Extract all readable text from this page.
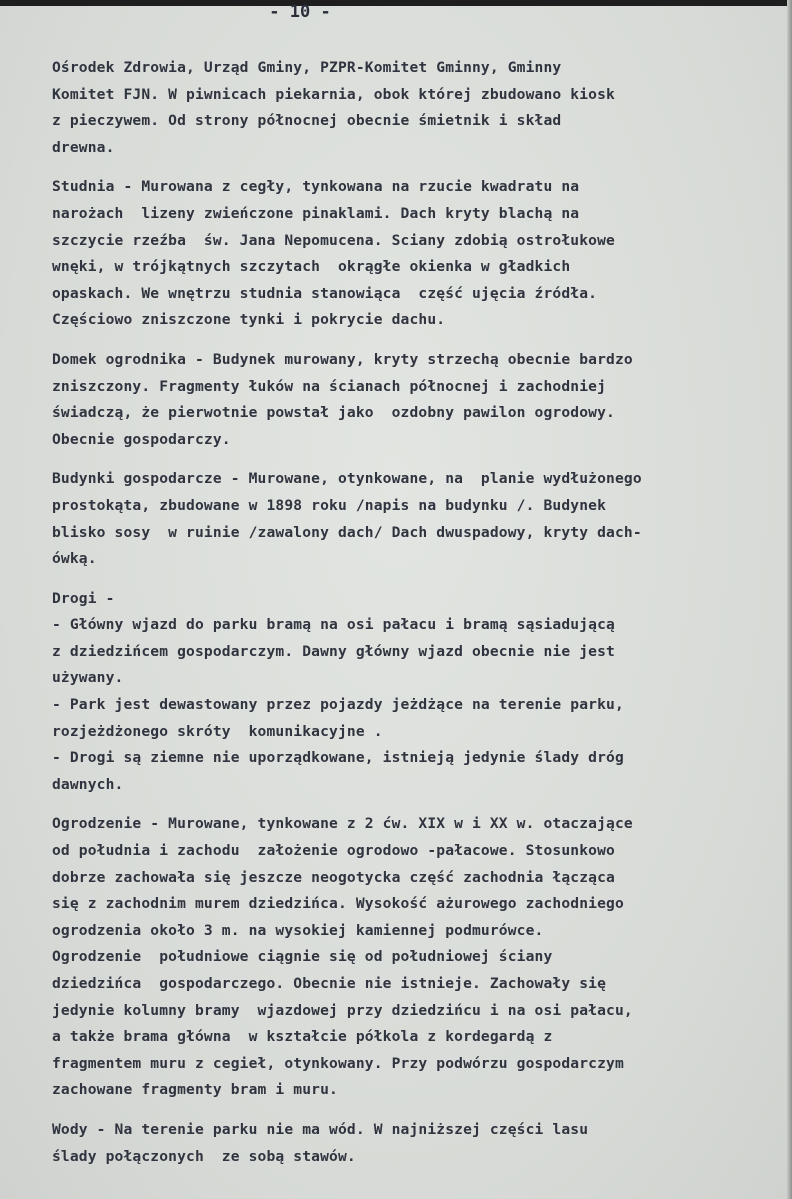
- 10 -
Ośrodek Zdrowia, Urząd Gminy, PZPR-Komitet Gminny, Gminny
Komitet FJN. W piwnicach piekarnia, obok której zbudowano kiosk
z pieczywem. Od strony północnej obecnie śmietnik i skład
drewna.
Studnia - Murowana z cegły, tynkowana na rzucie kwadratu na
narożach  lizeny zwieńczone pinaklami. Dach kryty blachą na
szczycie rzeźba  św. Jana Nepomucena. Sciany zdobią ostrołukowe
wnęki, w trójkątnych szczytach  okrągłe okienka w gładkich
opaskach. We wnętrzu studnia stanowiąca  część ujęcia źródła.
Częściowo zniszczone tynki i pokrycie dachu.
Domek ogrodnika - Budynek murowany, kryty strzechą obecnie bardzo
zniszczony. Fragmenty łuków na ścianach północnej i zachodniej
świadczą, że pierwotnie powstał jako  ozdobny pawilon ogrodowy.
Obecnie gospodarczy.
Budynki gospodarcze - Murowane, otynkowane, na  planie wydłużonego
prostokąta, zbudowane w 1898 roku /napis na budynku /. Budynek
blisko sosy  w ruinie /zawalony dach/ Dach dwuspadowy, kryty dach-
ówką.
Drogi -
- Główny wjazd do parku bramą na osi pałacu i bramą sąsiadującą
z dziedzińcem gospodarczym. Dawny główny wjazd obecnie nie jest
używany.
- Park jest dewastowany przez pojazdy jeżdżące na terenie parku,
rozjeżdżonego skróty  komunikacyjne .
- Drogi są ziemne nie uporządkowane, istnieją jedynie ślady dróg
dawnych.
Ogrodzenie - Murowane, tynkowane z 2 ćw. XIX w i XX w. otaczające
od południa i zachodu  założenie ogrodowo -pałacowe. Stosunkowo
dobrze zachowała się jeszcze neogotycka część zachodnia łącząca
się z zachodnim murem dziedzińca. Wysokość ażurowego zachodniego
ogrodzenia około 3 m. na wysokiej kamiennej podmurówce.
Ogrodzenie  południowe ciągnie się od południowej ściany
dziedzińca  gospodarczego. Obecnie nie istnieje. Zachowały się
jedynie kolumny bramy  wjazdowej przy dziedzińcu i na osi pałacu,
a także brama główna  w kształcie półkola z kordegardą z
fragmentem muru z cegieł, otynkowany. Przy podwórzu gospodarczym
zachowane fragmenty bram i muru.
Wody - Na terenie parku nie ma wód. W najniższej części lasu
ślady połączonych  ze sobą stawów.
